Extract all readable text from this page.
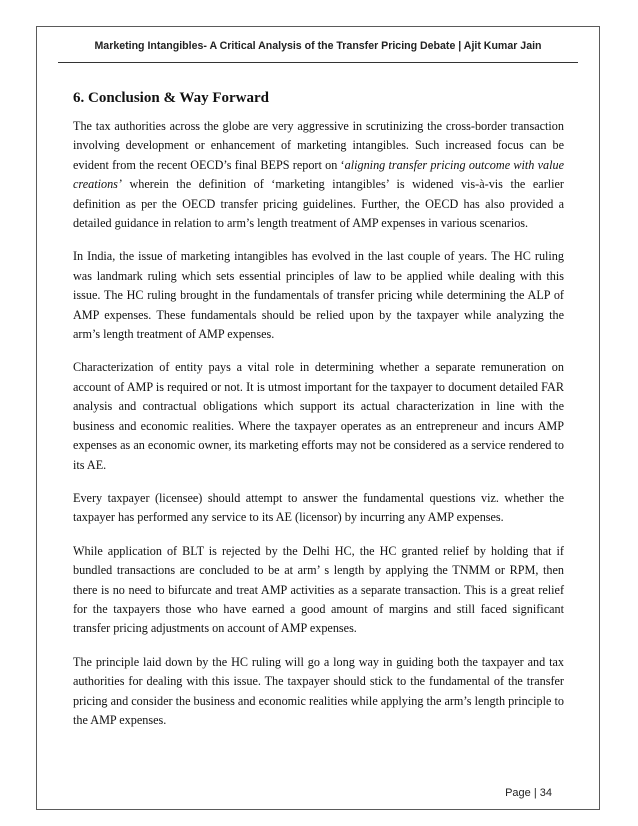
Marketing Intangibles- A Critical Analysis of the Transfer Pricing Debate | Ajit Kumar Jain
6. Conclusion & Way Forward

The tax authorities across the globe are very aggressive in scrutinizing the cross-border transaction involving development or enhancement of marketing intangibles. Such increased focus can be evident from the recent OECD’s final BEPS report on ‘aligning transfer pricing outcome with value creations’ wherein the definition of ‘marketing intangibles’ is widened vis-à-vis the earlier definition as per the OECD transfer pricing guidelines. Further, the OECD has also provided a detailed guidance in relation to arm’s length treatment of AMP expenses in various scenarios.

In India, the issue of marketing intangibles has evolved in the last couple of years. The HC ruling was landmark ruling which sets essential principles of law to be applied while dealing with this issue. The HC ruling brought in the fundamentals of transfer pricing while determining the ALP of AMP expenses. These fundamentals should be relied upon by the taxpayer while analyzing the arm’s length treatment of AMP expenses.

Characterization of entity pays a vital role in determining whether a separate remuneration on account of AMP is required or not. It is utmost important for the taxpayer to document detailed FAR analysis and contractual obligations which support its actual characterization in line with the business and economic realities. Where the taxpayer operates as an entrepreneur and incurs AMP expenses as an economic owner, its marketing efforts may not be considered as a service rendered to its AE.

Every taxpayer (licensee) should attempt to answer the fundamental questions viz. whether the taxpayer has performed any service to its AE (licensor) by incurring any AMP expenses.

While application of BLT is rejected by the Delhi HC, the HC granted relief by holding that if bundled transactions are concluded to be at arm’ s length by applying the TNMM or RPM, then there is no need to bifurcate and treat AMP activities as a separate transaction. This is a great relief for the taxpayers those who have earned a good amount of margins and still faced significant transfer pricing adjustments on account of AMP expenses.

The principle laid down by the HC ruling will go a long way in guiding both the taxpayer and tax authorities for dealing with this issue. The taxpayer should stick to the fundamental of the transfer pricing and consider the business and economic realities while applying the arm’s length principle to the AMP expenses.

Page | 34
